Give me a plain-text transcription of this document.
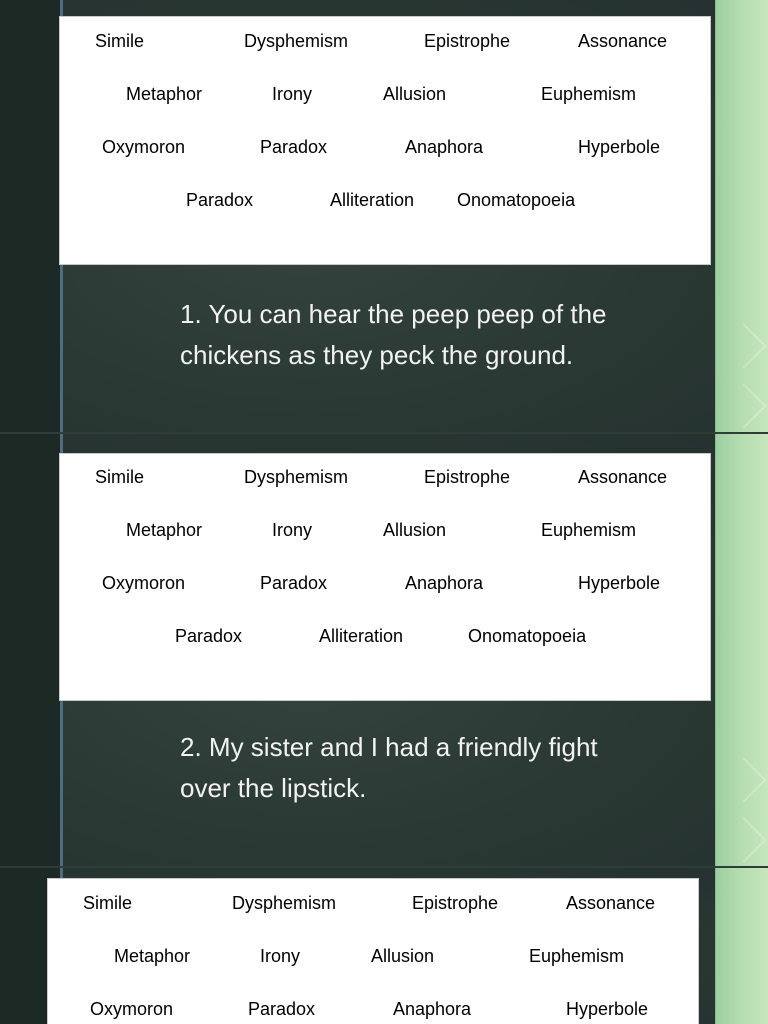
Simile	Dysphemism	Epistrophe	Assonance
Metaphor	Irony	Allusion	Euphemism
Oxymoron	Paradox	Anaphora	Hyperbole
Paradox	Alliteration Onomatopoeia
1. You can hear the peep peep of the
chickens as they peck the ground.
Simile	Dysphemism	Epistrophe	Assonance
Metaphor	Irony	Allusion	Euphemism
Oxymoron	Paradox	Anaphora	Hyperbole
Paradox	Alliteration	Onomatopoeia
2. My sister and I had a friendly fight
over the lipstick.
Simile	Dysphemism	Epistrophe	Assonance
Metaphor	Irony	Allusion	Euphemism
Oxymoron	Paradox	Anaphora	Hyperbole
